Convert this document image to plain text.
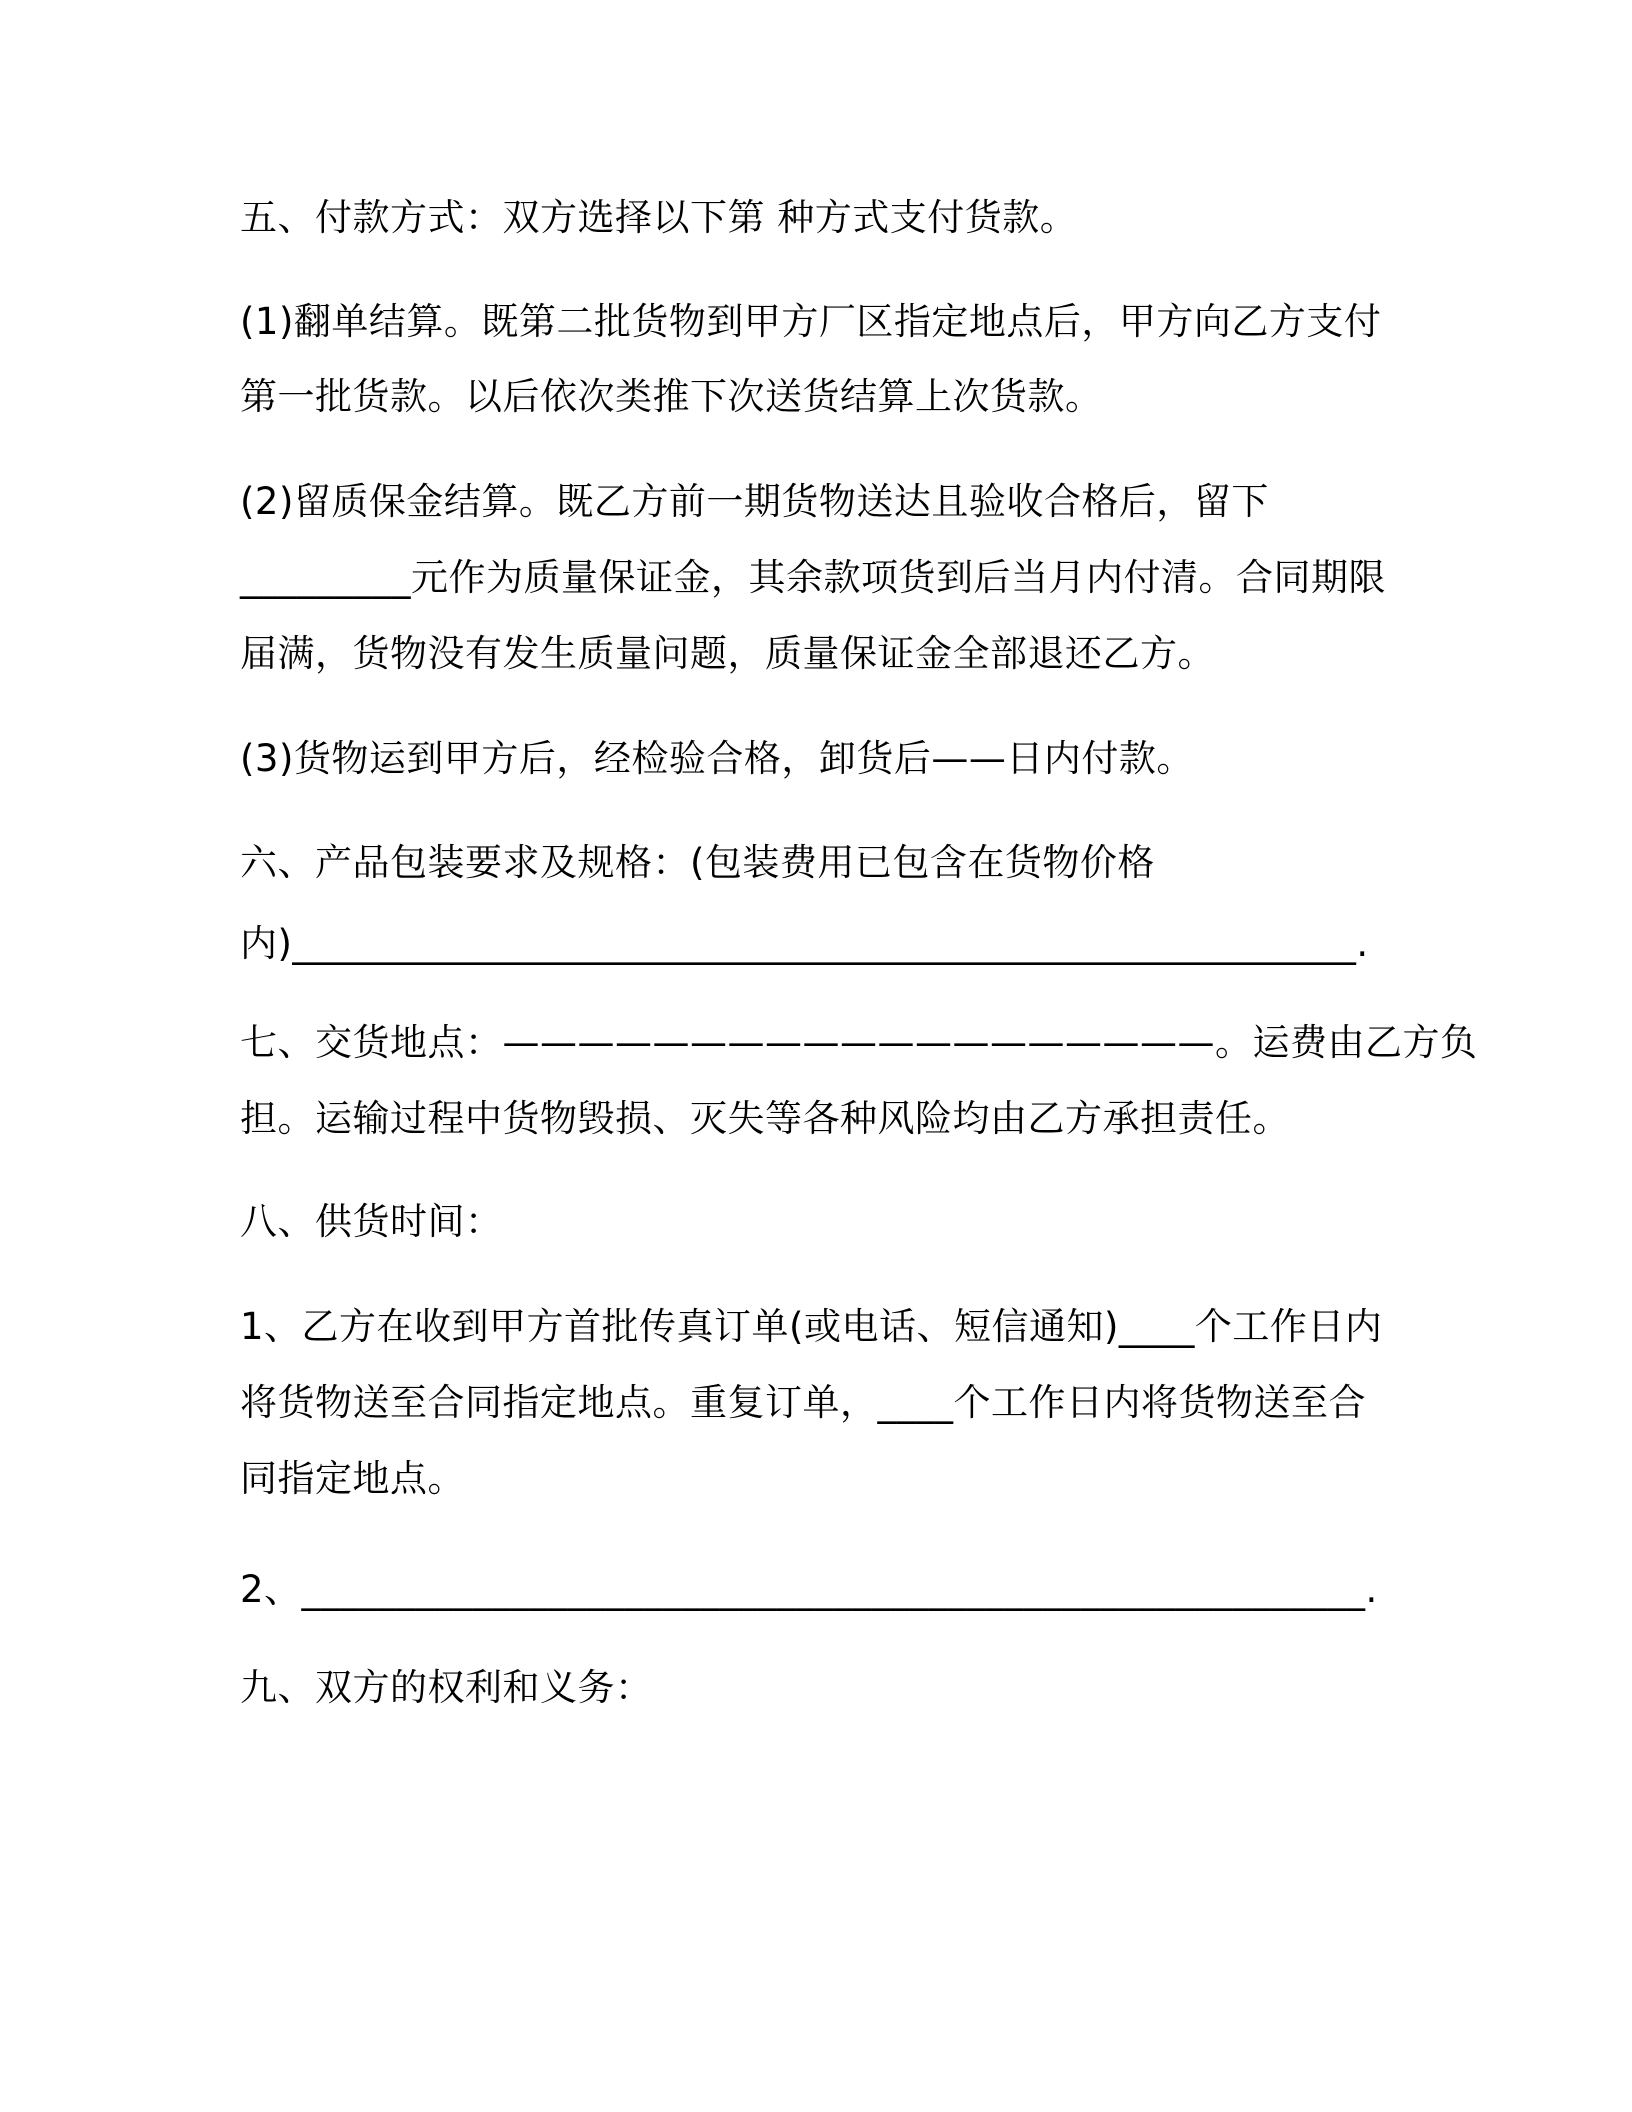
五、付款方式：双方选择以下第 种方式支付货款。

(1)翻单结算。既第二批货物到甲方厂区指定地点后，甲方向乙方支付

第一批货款。以后依次类推下次送货结算上次货款。

(2)留质保金结算。既乙方前一期货物送达且验收合格后，留下

_________元作为质量保证金，其余款项货到后当月内付清。合同期限

届满，货物没有发生质量问题，质量保证金全部退还乙方。

(3)货物运到甲方后，经检验合格，卸货后——日内付款。

六、产品包装要求及规格：(包装费用已包含在货物价格

内)________________________________________________________.

七、交货地点：———————————————————。运费由乙方负

担。运输过程中货物毁损、灭失等各种风险均由乙方承担责任。

八、供货时间：

1、乙方在收到甲方首批传真订单(或电话、短信通知)____个工作日内

将货物送至合同指定地点。重复订单，____个工作日内将货物送至合

同指定地点。

2、________________________________________________________.

九、双方的权利和义务：
